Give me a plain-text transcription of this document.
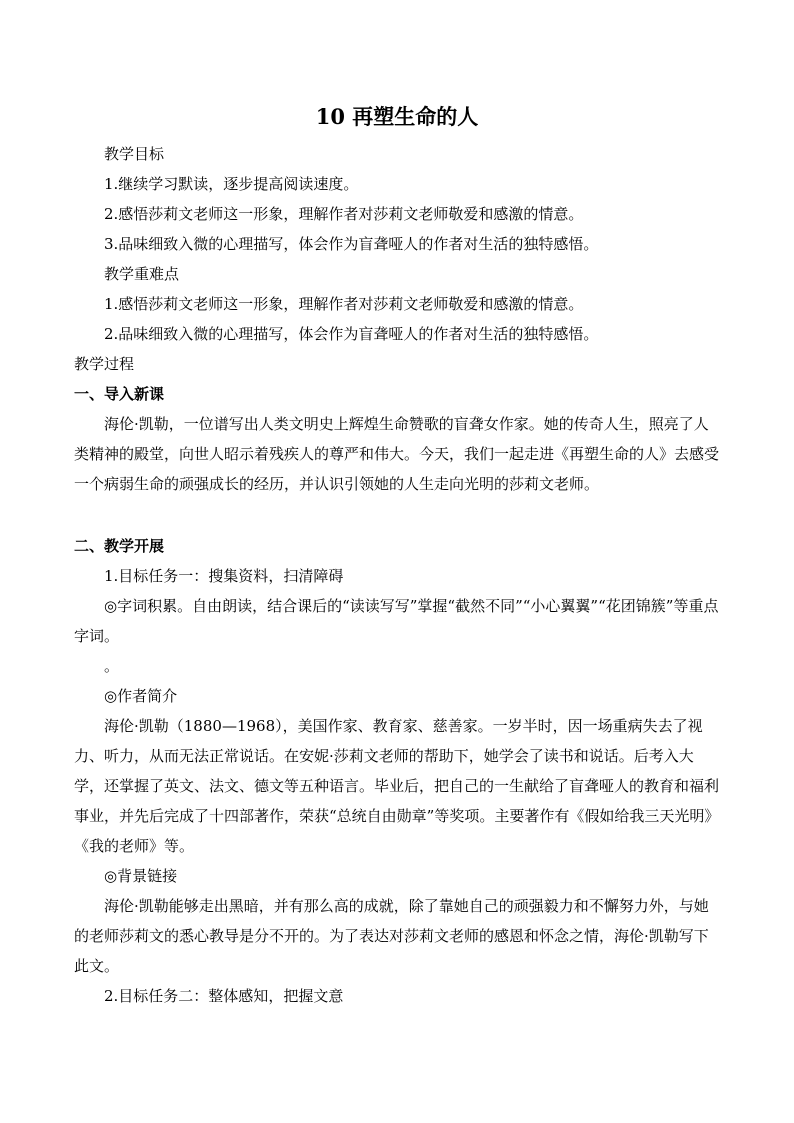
10 再塑生命的人
教学目标
1.继续学习默读，逐步提高阅读速度。
2.感悟莎莉文老师这一形象，理解作者对莎莉文老师敬爱和感激的情意。
3.品味细致入微的心理描写，体会作为盲聋哑人的作者对生活的独特感悟。
教学重难点
1.感悟莎莉文老师这一形象，理解作者对莎莉文老师敬爱和感激的情意。
2.品味细致入微的心理描写，体会作为盲聋哑人的作者对生活的独特感悟。
教学过程
一、导入新课
海伦·凯勒，一位谱写出人类文明史上辉煌生命赞歌的盲聋女作家。她的传奇人生，照亮了人类精神的殿堂，向世人昭示着残疾人的尊严和伟大。今天，我们一起走进《再塑生命的人》去感受一个病弱生命的顽强成长的经历，并认识引领她的人生走向光明的莎莉文老师。
二、教学开展
1.目标任务一：搜集资料，扫清障碍
◎字词积累。自由朗读，结合课后的“读读写写”掌握“截然不同”“小心翼翼”“花团锦簇”等重点字词。
。
◎作者简介
海伦·凯勒（1880—1968），美国作家、教育家、慈善家。一岁半时，因一场重病失去了视力、听力，从而无法正常说话。在安妮·莎莉文老师的帮助下，她学会了读书和说话。后考入大学，还掌握了英文、法文、德文等五种语言。毕业后，把自己的一生献给了盲聋哑人的教育和福利事业，并先后完成了十四部著作，荣获“总统自由勋章”等奖项。主要著作有《假如给我三天光明》《我的老师》等。
◎背景链接
海伦·凯勒能够走出黑暗，并有那么高的成就，除了靠她自己的顽强毅力和不懈努力外，与她的老师莎莉文的悉心教导是分不开的。为了表达对莎莉文老师的感恩和怀念之情，海伦·凯勒写下此文。
2.目标任务二：整体感知，把握文意
